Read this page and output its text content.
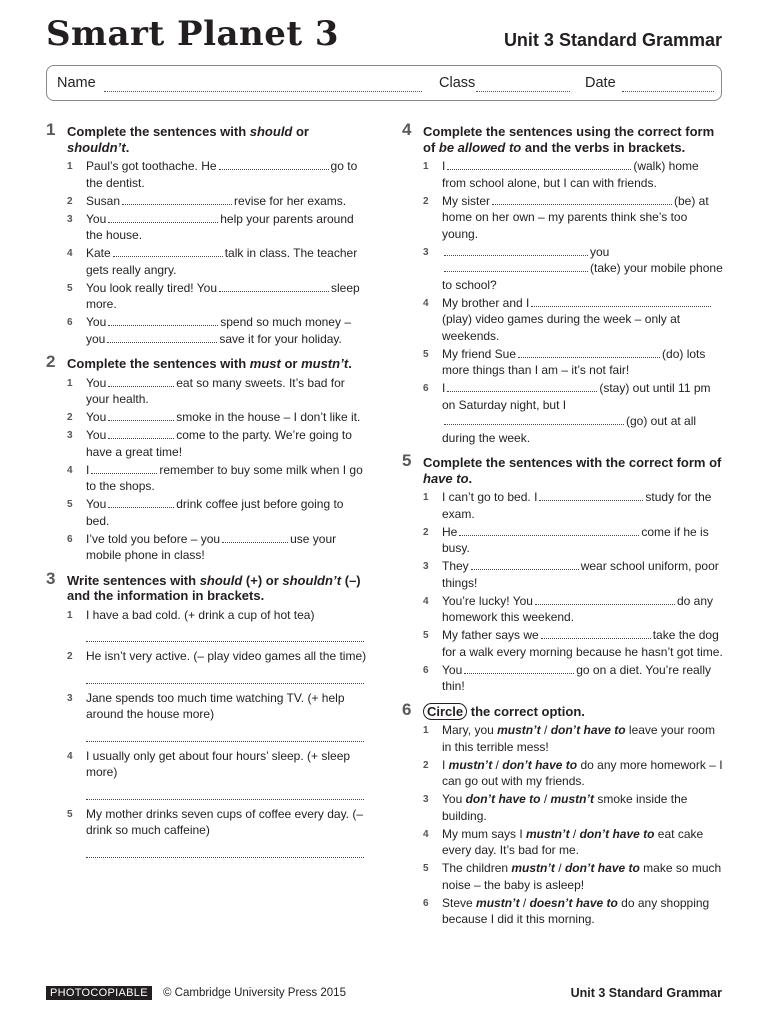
Smart Planet 3	Unit 3 Standard Grammar
Name	Class	Date
1 Complete the sentences with should or shouldn’t.
1 Paul’s got toothache. He	go to the dentist.
2 Susan	revise for her exams.
3 You	help your parents around the house.
4 Kate	talk in class. The teacher gets really angry.
5 You look really tired! You	sleep more.
6 You	spend so much money – you	save it for your holiday.
2 Complete the sentences with must or mustn’t.
1 You	eat so many sweets. It’s bad for your health.
2 You	smoke in the house – I don’t like it.
3 You	come to the party. We’re going to have a great time!
4 I	remember to buy some milk when I go to the shops.
5 You	drink coffee just before going to bed.
6 I’ve told you before – you	use your mobile phone in class!
3 Write sentences with should (+) or shouldn’t (–) and the information in brackets.
1 I have a bad cold. (+ drink a cup of hot tea)
2 He isn’t very active. (– play video games all the time)
3 Jane spends too much time watching TV. (+ help around the house more)
4 I usually only get about four hours’ sleep. (+ sleep more)
5 My mother drinks seven cups of coffee every day. (– drink so much caffeine)
4 Complete the sentences using the correct form of be allowed to and the verbs in brackets.
1 I	(walk) home from school alone, but I can with friends.
2 My sister	(be) at home on her own – my parents think she’s too young.
3	you
(take) your mobile phone to school?
4 My brother and I(play) video games during the week – only at weekends.
5 My friend Sue	(do) lots more things than I am – it’s not fair!
6 I	(stay) out until 11 pm on Saturday night, but I(go) out at all during the week.
5 Complete the sentences with the correct form of have to.
1 I can’t go to bed. I	study for the exam.
2 He	come if he is busy.
3 They	wear school uniform, poor things!
4 You’re lucky! You	do any homework this weekend.
5 My father says we	take the dog for a walk every morning because he hasn’t got time.
6 You	go on a diet. You’re really thin!
6	Circle the correct option.
1 Mary, you mustn’t / don’t have to leave your room in this terrible mess!
2 I mustn’t / don’t have to do any more homework – I can go out with my friends.
3 You don’t have to / mustn’t smoke inside the building.
4 My mum says I mustn’t / don’t have to eat cake every day. It’s bad for me.
5 The children mustn’t / don’t have to make so much noise – the baby is asleep!
6 Steve mustn’t / doesn’t have to do any shopping because I did it this morning.
PHOTOCOPIABLE	© Cambridge University Press 2015	Unit 3 Standard Grammar
